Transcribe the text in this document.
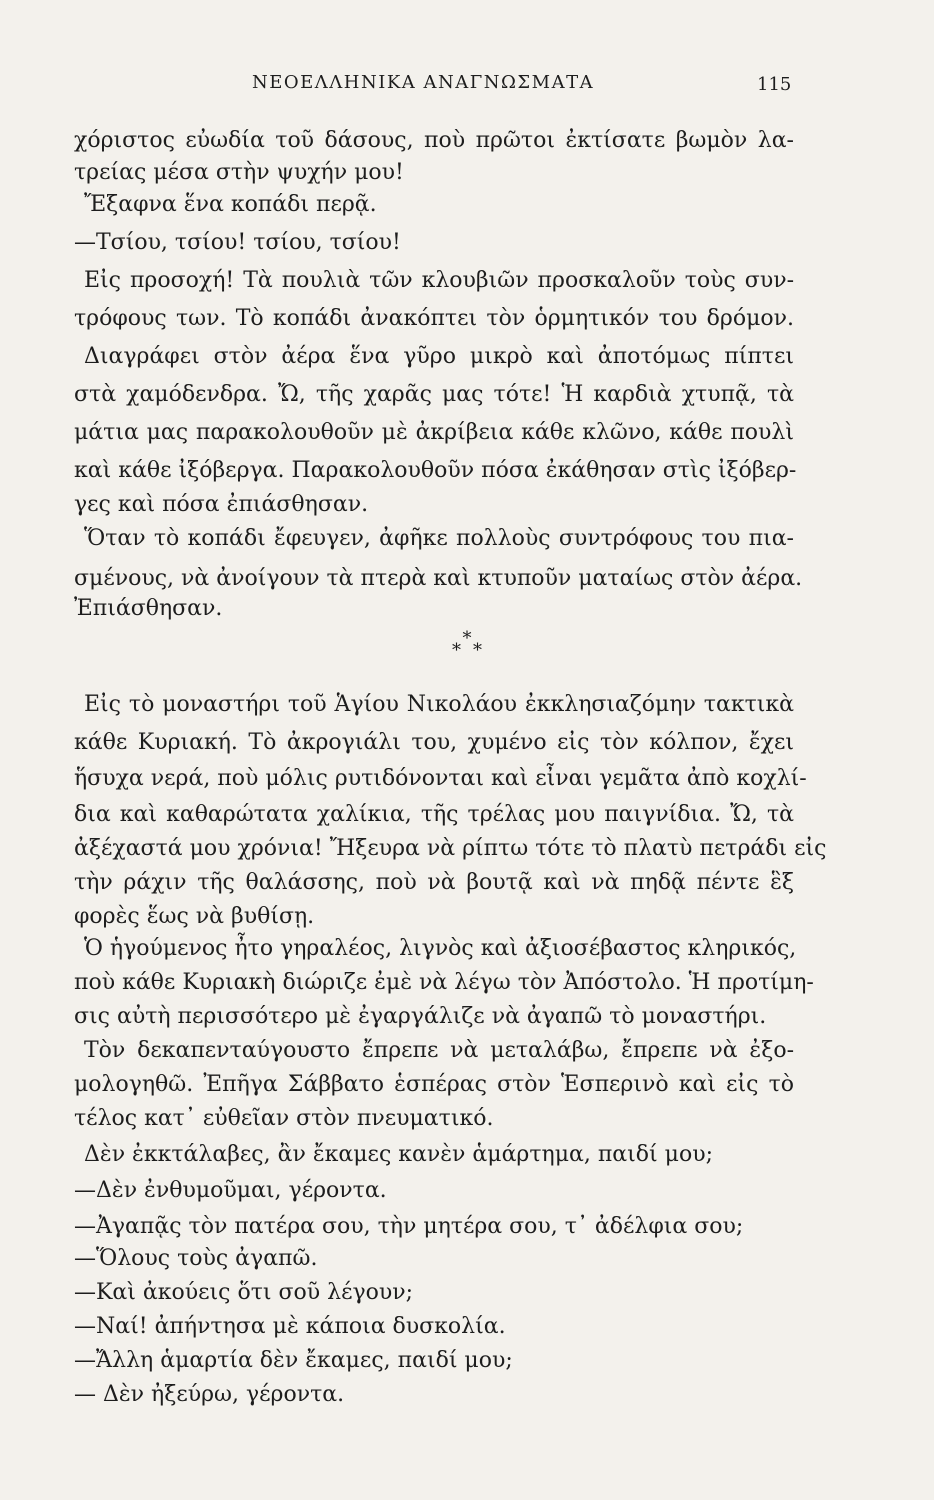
ΝΕΟΕΛΛΗΝΙΚΑ ΑΝΑΓΝΩΣΜΑΤΑ	115
χόριστος εὐωδία τοῦ δάσους, ποὺ πρῶτοι ἐκτίσατε βωμὸν λα-
τρείας μέσα στὴν ψυχήν μου!
Ἔξαφνα ἕνα κοπάδι περᾷ.
—Τσίου, τσίου! τσίου, τσίου!
Εἰς προσοχή! Τὰ πουλιὰ τῶν κλουβιῶν προσκαλοῦν τοὺς συν-
τρόφους των. Τὸ κοπάδι ἀνακόπτει τὸν ὁρμητικόν του δρόμον.
Διαγράφει στὸν ἀέρα ἕνα γῦρο μικρὸ καὶ ἀποτόμως πίπτει
στὰ χαμόδενδρα. Ὤ, τῆς χαρᾶς μας τότε! Ἡ καρδιὰ χτυπᾷ, τὰ
μάτια μας παρακολουθοῦν μὲ ἀκρίβεια κάθε κλῶνο, κάθε πουλὶ
καὶ κάθε ἰξόβεργα. Παρακολουθοῦν πόσα ἐκάθησαν στὶς ἰξόβερ-
γες καὶ πόσα ἐπιάσθησαν.
Ὅταν τὸ κοπάδι ἔφευγεν, ἀφῆκε πολλοὺς συντρόφους του πια-
σμένους, νὰ ἀνοίγουν τὰ πτερὰ καὶ κτυποῦν ματαίως στὸν ἀέρα.
Ἐπιάσθησαν.
*
* *
Εἰς τὸ μοναστήρι τοῦ Ἁγίου Νικολάου ἐκκλησιαζόμην τακτικὰ
κάθε Κυριακή. Τὸ ἀκρογιάλι του, χυμένο εἰς τὸν κόλπον, ἔχει
ἥσυχα νερά, ποὺ μόλις ρυτιδόνονται καὶ εἶναι γεμᾶτα ἀπὸ κοχλί-
δια καὶ καθαρώτατα χαλίκια, τῆς τρέλας μου παιγνίδια. Ὤ, τὰ
ἀξέχαστά μου χρόνια! Ἤξευρα νὰ ρίπτω τότε τὸ πλατὺ πετράδι εἰς
τὴν ράχιν τῆς θαλάσσης, ποὺ νὰ βουτᾷ καὶ νὰ πηδᾷ πέντε ἓξ
φορὲς ἕως νὰ βυθίσῃ.
Ὁ ἡγούμενος ἦτο γηραλέος, λιγνὸς καὶ ἀξιοσέβαστος κληρικός,
ποὺ κάθε Κυριακὴ διώριζε ἐμὲ νὰ λέγω τὸν Ἀπόστολο. Ἡ προτίμη-
σις αὐτὴ περισσότερο μὲ ἐγαργάλιζε νὰ ἀγαπῶ τὸ μοναστήρι.
Τὸν δεκαπενταύγουστο ἔπρεπε νὰ μεταλάβω, ἔπρεπε νὰ ἐξο-
μολογηθῶ. Ἐπῆγα Σάββατο ἑσπέρας στὸν Ἑσπερινὸ καὶ εἰς τὸ
τέλος κατ᾽ εὐθεῖαν στὸν πνευματικό.
Δὲν ἐκκτάλαβες, ἂν ἔκαμες κανὲν ἁμάρτημα, παιδί μου;
—Δὲν ἐνθυμοῦμαι, γέροντα.
—Ἀγαπᾷς τὸν πατέρα σου, τὴν μητέρα σου, τ᾽ ἀδέλφια σου;
—Ὅλους τοὺς ἀγαπῶ.
—Καὶ ἀκούεις ὅτι σοῦ λέγουν;
—Ναί! ἀπήντησα μὲ κάποια δυσκολία.
—Ἄλλη ἁμαρτία δὲν ἔκαμες, παιδί μου;
— Δὲν ἠξεύρω, γέροντα.
